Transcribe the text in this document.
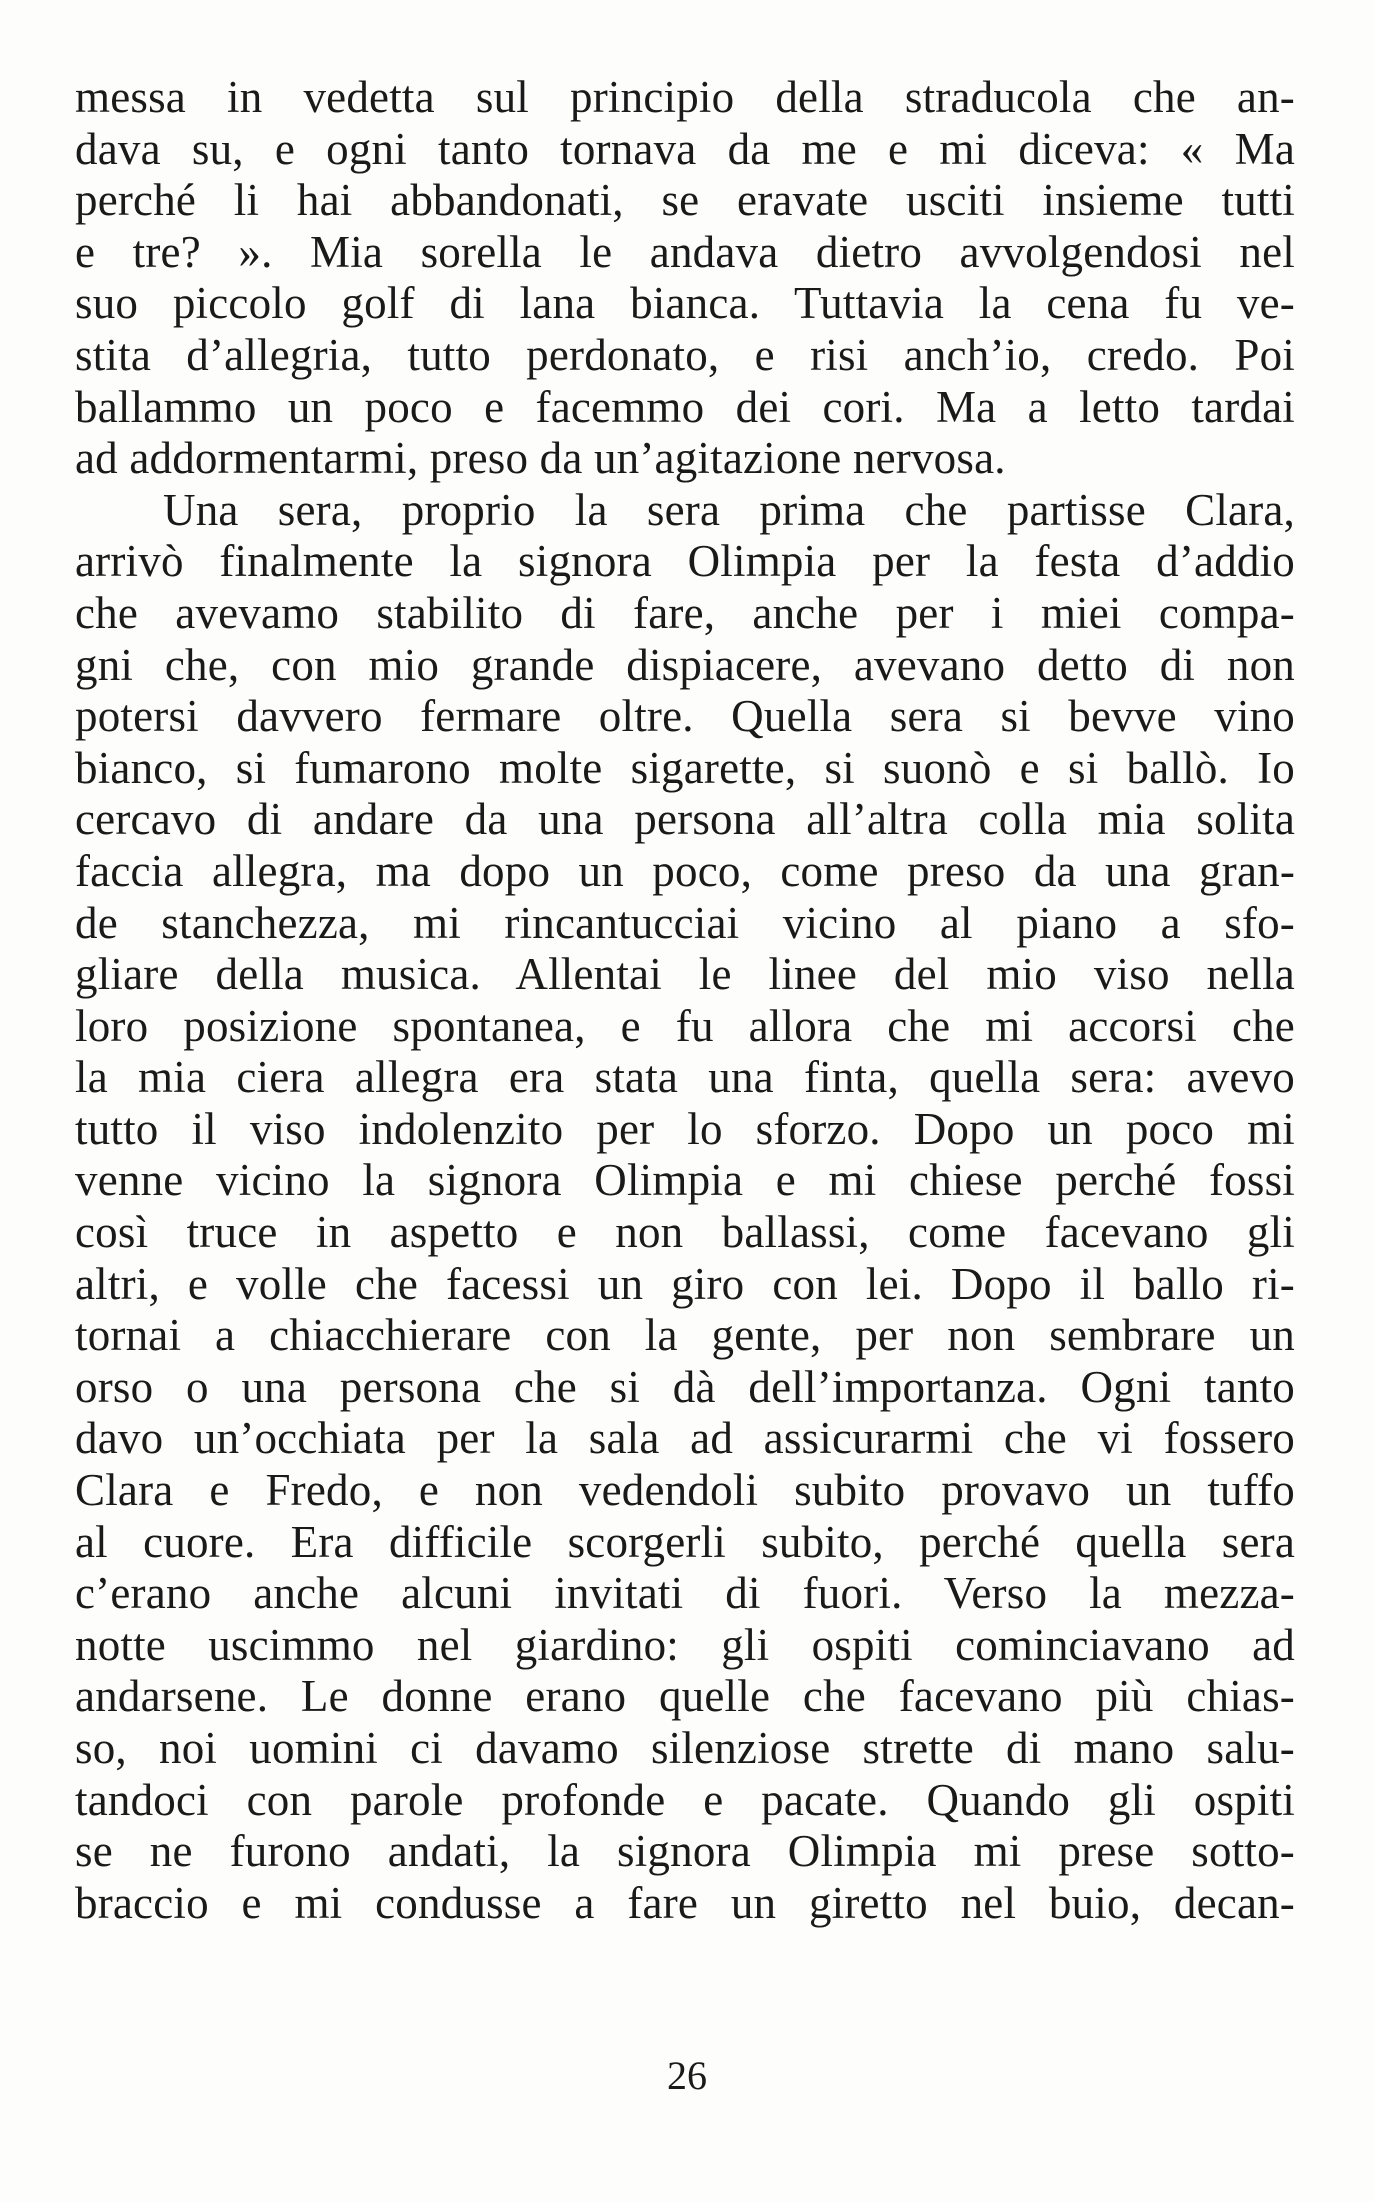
messa in vedetta sul principio della straducola che an-
dava su, e ogni tanto tornava da me e mi diceva: « Ma
perché li hai abbandonati, se eravate usciti insieme tutti
e tre? ». Mia sorella le andava dietro avvolgendosi nel
suo piccolo golf di lana bianca. Tuttavia la cena fu ve-
stita d’allegria, tutto perdonato, e risi anch’io, credo. Poi
ballammo un poco e facemmo dei cori. Ma a letto tardai
ad addormentarmi, preso da un’agitazione nervosa.
Una sera, proprio la sera prima che partisse Clara,
arrivò finalmente la signora Olimpia per la festa d’addio
che avevamo stabilito di fare, anche per i miei compa-
gni che, con mio grande dispiacere, avevano detto di non
potersi davvero fermare oltre. Quella sera si bevve vino
bianco, si fumarono molte sigarette, si suonò e si ballò. Io
cercavo di andare da una persona all’altra colla mia solita
faccia allegra, ma dopo un poco, come preso da una gran-
de stanchezza, mi rincantucciai vicino al piano a sfo-
gliare della musica. Allentai le linee del mio viso nella
loro posizione spontanea, e fu allora che mi accorsi che
la mia ciera allegra era stata una finta, quella sera: avevo
tutto il viso indolenzito per lo sforzo. Dopo un poco mi
venne vicino la signora Olimpia e mi chiese perché fossi
così truce in aspetto e non ballassi, come facevano gli
altri, e volle che facessi un giro con lei. Dopo il ballo ri-
tornai a chiacchierare con la gente, per non sembrare un
orso o una persona che si dà dell’importanza. Ogni tanto
davo un’occhiata per la sala ad assicurarmi che vi fossero
Clara e Fredo, e non vedendoli subito provavo un tuffo
al cuore. Era difficile scorgerli subito, perché quella sera
c’erano anche alcuni invitati di fuori. Verso la mezza-
notte uscimmo nel giardino: gli ospiti cominciavano ad
andarsene. Le donne erano quelle che facevano più chias-
so, noi uomini ci davamo silenziose strette di mano salu-
tandoci con parole profonde e pacate. Quando gli ospiti
se ne furono andati, la signora Olimpia mi prese sotto-
braccio e mi condusse a fare un giretto nel buio, decan-
26
